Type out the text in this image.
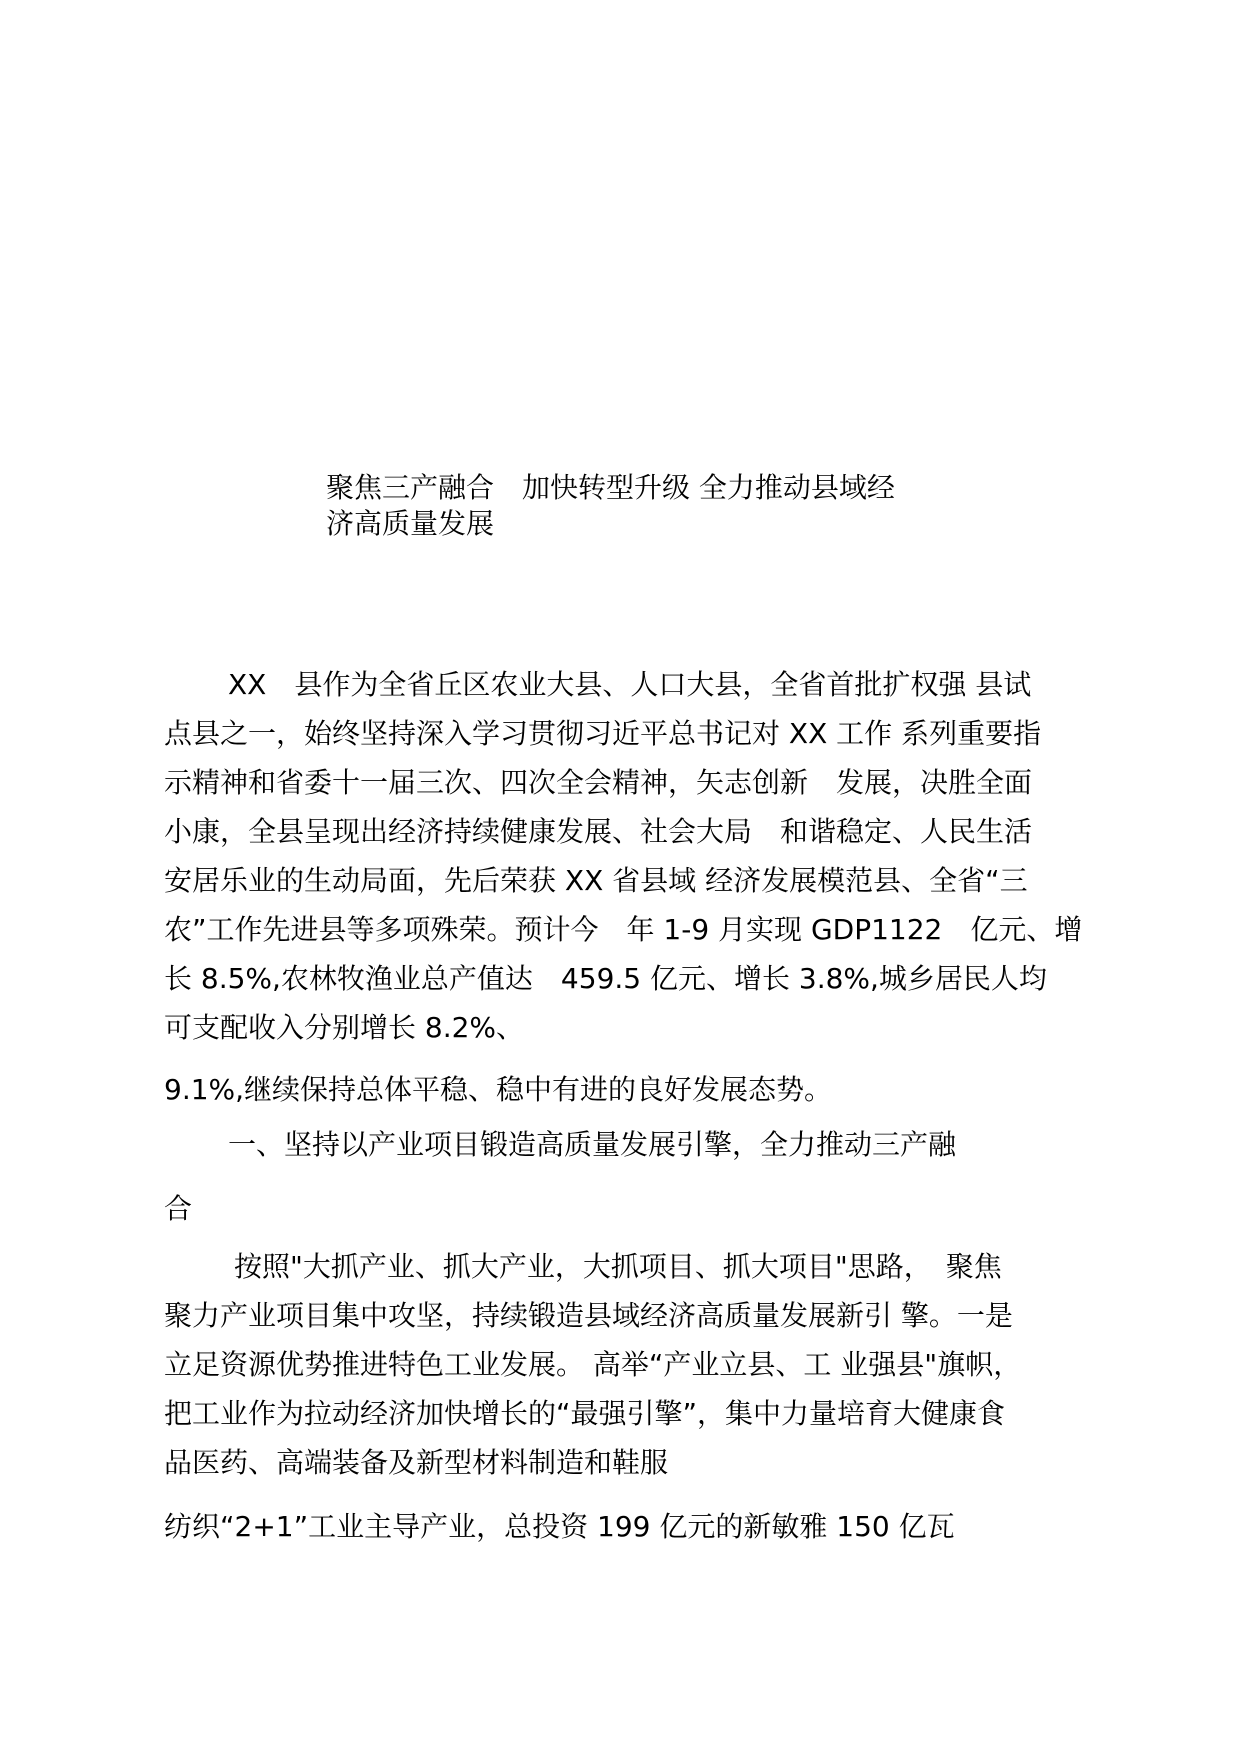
聚焦三产融合　加快转型升级 全力推动县域经
济高质量发展
　XX　县作为全省丘区农业大县、人口大县，全省首批扩权强 县试
点县之一，始终坚持深入学习贯彻习近平总书记对 XX 工作 系列重要指
示精神和省委十一届三次、四次全会精神，矢志创新　发展，决胜全面
小康，全县呈现出经济持续健康发展、社会大局　和谐稳定、人民生活
安居乐业的生动局面，先后荣获 XX 省县域 经济发展模范县、全省“三
农”工作先进县等多项殊荣。预计今　年 1-9 月实现 GDP1122　亿元、增
长 8.5%,农林牧渔业总产值达　459.5 亿元、增长 3.8%,城乡居民人均
可支配收入分别增长 8.2%、
9.1%,继续保持总体平稳、稳中有进的良好发展态势。
一、坚持以产业项目锻造高质量发展引擎，全力推动三产融
合
按照"大抓产业、抓大产业，大抓项目、抓大项目"思路，　聚焦
聚力产业项目集中攻坚，持续锻造县域经济高质量发展新引 擎。一是
立足资源优势推进特色工业发展。 高举“产业立县、工 业强县"旗帜，
把工业作为拉动经济加快增长的“最强引擎”，集中力量培育大健康食
品医药、高端装备及新型材料制造和鞋服
纺织“2+1”工业主导产业，总投资 199 亿元的新敏雅 150 亿瓦
